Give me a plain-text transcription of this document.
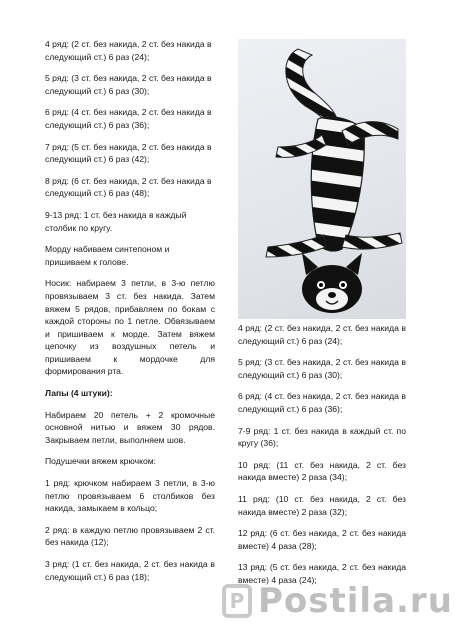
4 ряд: (2 ст. без накида, 2 ст. без накида в следующий ст.) 6 раз (24);

5 ряд: (3 ст. без накида, 2 ст. без накида в следующий ст.) 6 раз (30);

6 ряд: (4 ст. без накида, 2 ст. без накида в следующий ст.) 6 раз (36);

7 ряд: (5 ст. без накида, 2 ст. без накида в следующий ст.) 6 раз (42);

8 ряд: (6 ст. без накида, 2 ст. без накида в следующий ст.) 6 раз (48);

9-13 ряд: 1 ст. без накида в каждый столбик по кругу.

Морду набиваем синтепоном и пришиваем к голове.

Носик: набираем 3 петли, в 3-ю петлю провязываем 3 ст. без накида. Затем вяжем 5 рядов, прибавляем по бокам с каждой стороны по 1 петле. Обвязываем и пришиваем к морде. Затем вяжем цепочку из воздушных петель и пришиваем к мордочке для формирования рта.

Лапы (4 штуки):

Набираем 20 петель + 2 кромочные основной нитью и вяжем 30 рядов. Закрываем петли, выполняем шов.

Подушечки вяжем крючком:

1 ряд: крючком набираем 3 петли, в 3-ю петлю провязываем 6 столбиков без накида, замыкаем в кольцо;

2 ряд: в каждую петлю провязываем 2 ст. без накида (12);

3 ряд: (1 ст. без накида, 2 ст. без накида в следующий ст.) 6 раз (18);

4 ряд: (2 ст. без накида, 2 ст. без накида в следующий ст.) 6 раз (24);

5 ряд: (3 ст. без накида, 2 ст. без накида в следующий ст.) 6 раз (30);

6 ряд: (4 ст. без накида, 2 ст. без накида в следующий ст.) 6 раз (36);

7-9 ряд: 1 ст. без накида в каждый ст. по кругу (36);

10 ряд: (11 ст. без накида, 2 ст. без накида вместе) 2 раза (34);

11 ряд: (10 ст. без накида, 2 ст. без накида вместе) 2 раза (32);

12 ряд: (6 ст. без накида, 2 ст. без накида вместе) 4 раза (28);

13 ряд: (5 ст. без накида, 2 ст. без накида вместе) 4 раза (24);

P Postila.ru
